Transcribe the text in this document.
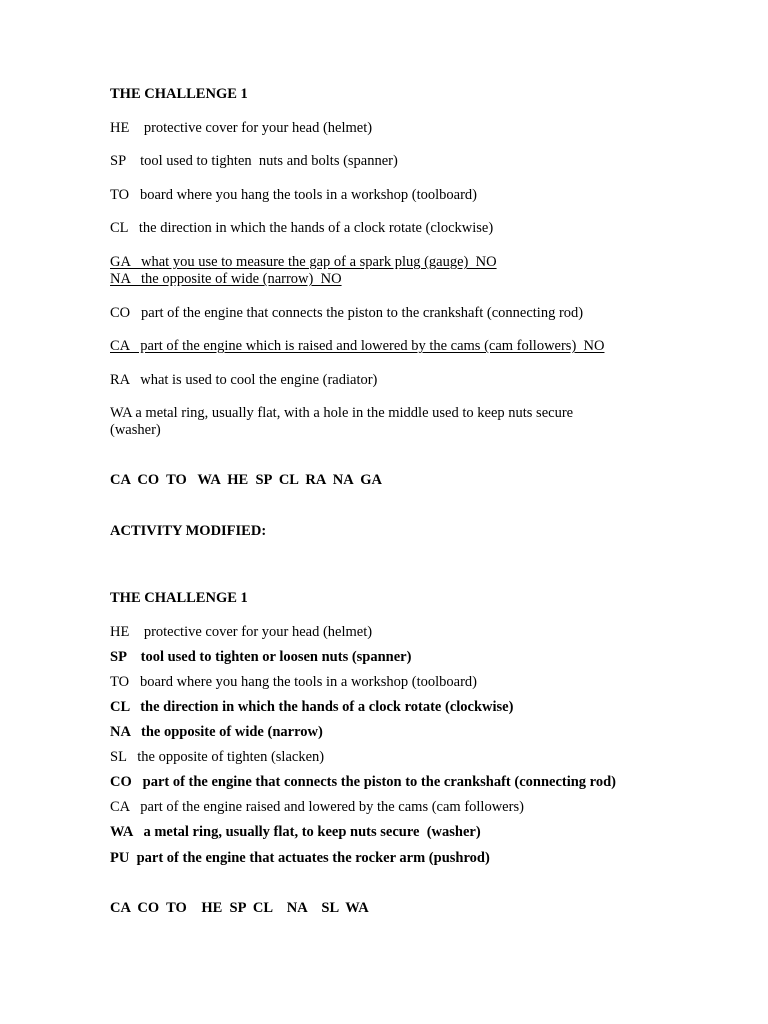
THE CHALLENGE 1
HE    protective cover for your head (helmet)
SP    tool used to tighten  nuts and bolts (spanner)
TO   board where you hang the tools in a workshop (toolboard)
CL   the direction in which the hands of a clock rotate (clockwise)
GA   what you use to measure the gap of a spark plug (gauge)  NO
NA   the opposite of wide (narrow)  NO
CO   part of the engine that connects the piston to the crankshaft (connecting rod)
CA   part of the engine which is raised and lowered by the cams (cam followers)  NO
RA   what is used to cool the engine (radiator)
WA a metal ring, usually flat, with a hole in the middle used to keep nuts secure (washer)
CA  CO  TO   WA  HE  SP  CL  RA  NA  GA
ACTIVITY MODIFIED:
THE CHALLENGE 1
HE    protective cover for your head (helmet)
SP    tool used to tighten or loosen nuts (spanner)
TO   board where you hang the tools in a workshop (toolboard)
CL   the direction in which the hands of a clock rotate (clockwise)
NA   the opposite of wide (narrow)
SL   the opposite of tighten (slacken)
CO   part of the engine that connects the piston to the crankshaft (connecting rod)
CA   part of the engine raised and lowered by the cams (cam followers)
WA   a metal ring, usually flat, to keep nuts secure  (washer)
PU  part of the engine that actuates the rocker arm (pushrod)
CA  CO  TO    HE  SP  CL    NA    SL  WA
